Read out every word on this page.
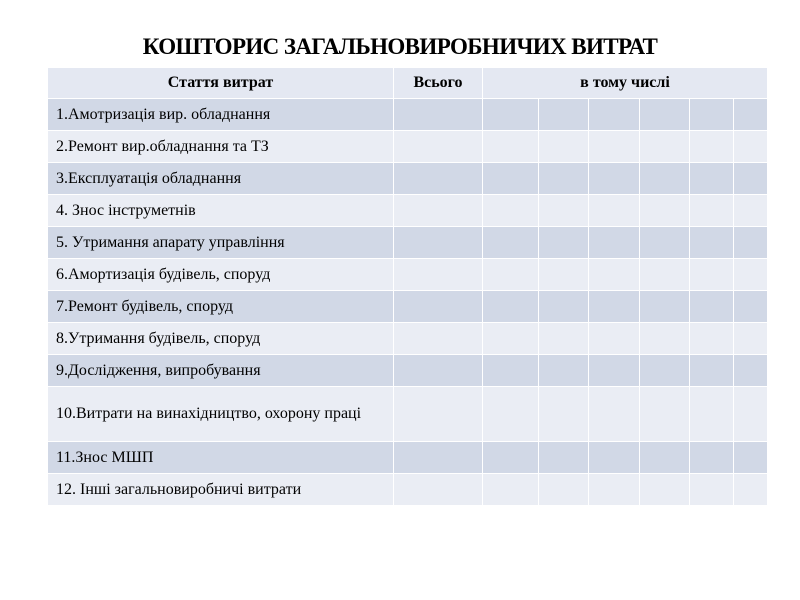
КОШТОРИС ЗАГАЛЬНОВИРОБНИЧИХ ВИТРАТ
Стаття витрат	Всього	в тому числі					
1.Амотризація вир. обладнання							
2.Ремонт вир.обладнання та ТЗ							
3.Експлуатація обладнання							
4. Знос інструметнів							
5. Утримання апарату управління							
6.Амортизація будівель, споруд							
7.Ремонт будівель, споруд							
8.Утримання будівель, споруд							
9.Дослідження, випробування							
10.Витрати на винахідництво, охорону праці							
11.Знос МШП							
12. Інші загальновиробничі витрати							
